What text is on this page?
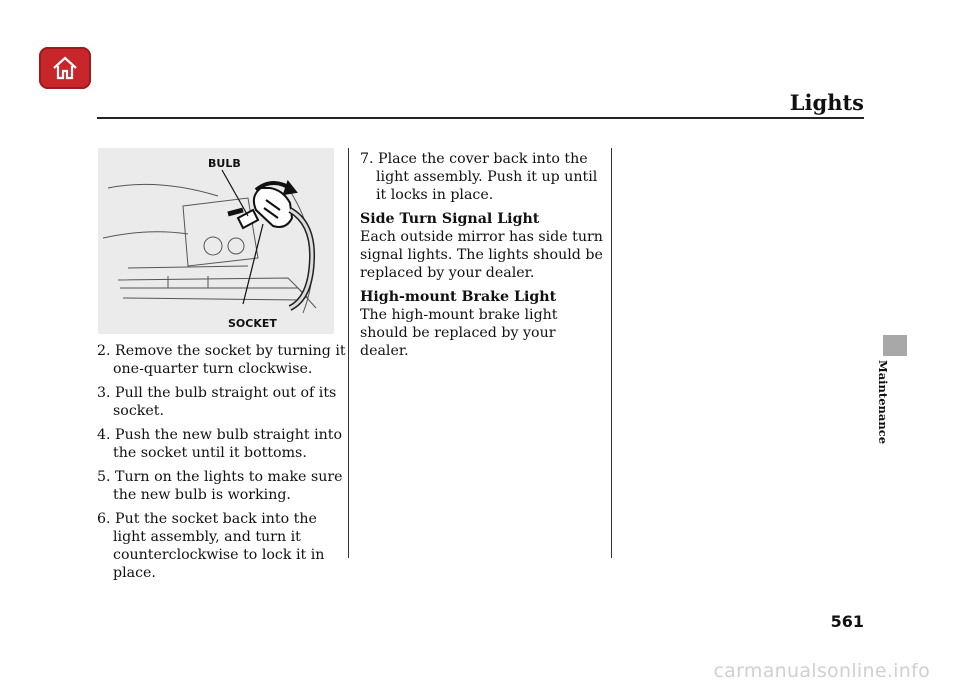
Lights
BULB
SOCKET

2. Remove the socket by turning it one-quarter turn clockwise.

3. Pull the bulb straight out of its socket.

4. Push the new bulb straight into the socket until it bottoms.

5. Turn on the lights to make sure the new bulb is working.

6. Put the socket back into the light assembly, and turn it counterclockwise to lock it in place.

7. Place the cover back into the light assembly. Push it up until it locks in place.

Side Turn Signal Light
Each outside mirror has side turn signal lights. The lights should be replaced by your dealer.

High-mount Brake Light
The high-mount brake light should be replaced by your dealer.

Maintenance
561
carmanualsonline.info
